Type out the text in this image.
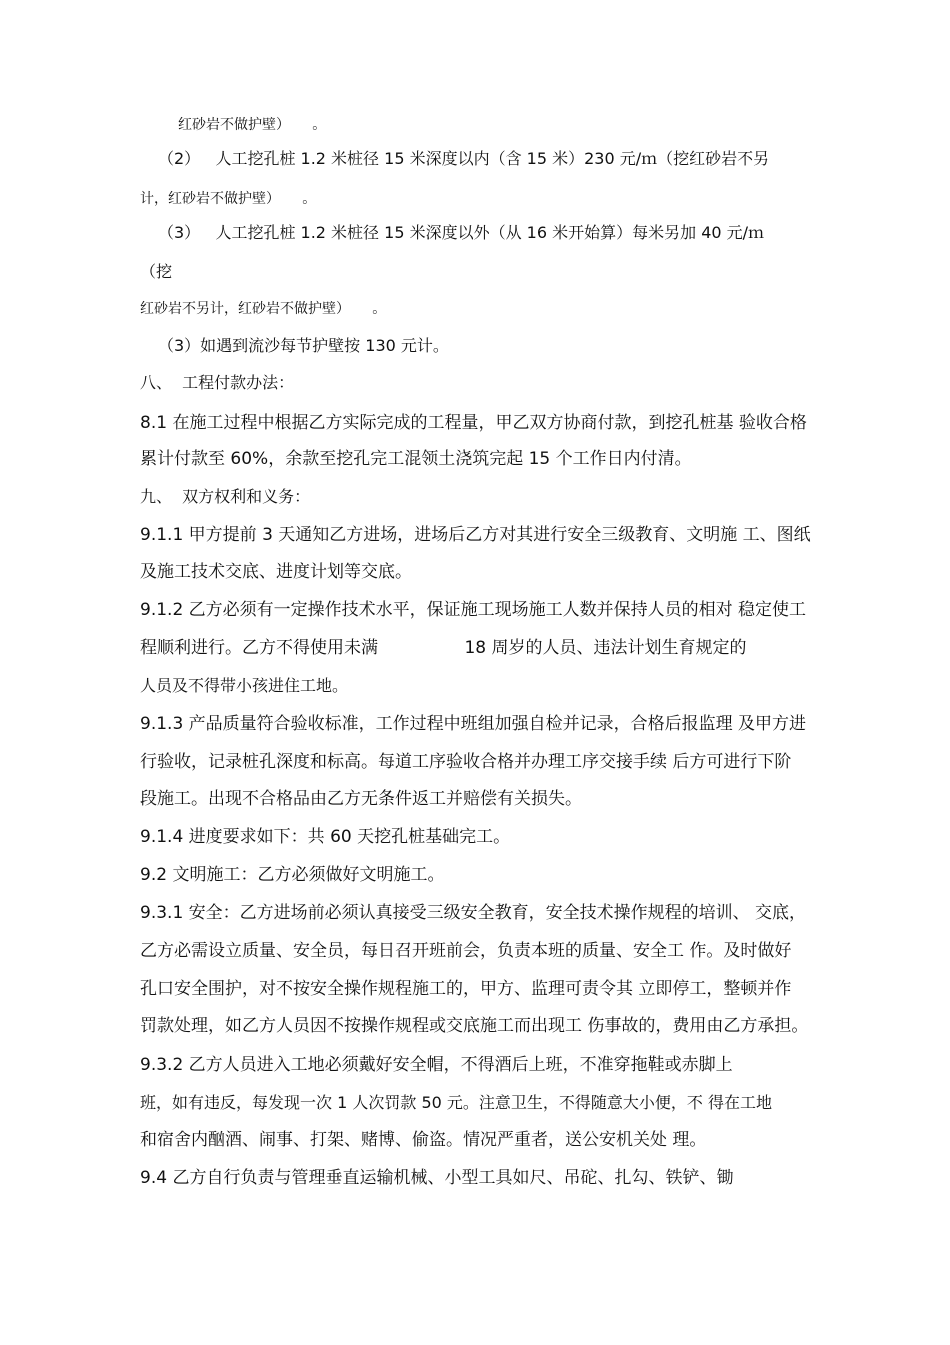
红砂岩不做护壁）     。
（2）   人工挖孔桩 1.2 米桩径 15 米深度以内（含 15 米）230 元/ｍ（挖红砂岩不另
计，红砂岩不做护壁）     。
（3）   人工挖孔桩 1.2 米桩径 15 米深度以外（从 16 米开始算）每米另加 40 元/ｍ
（挖
红砂岩不另计，红砂岩不做护壁）     。
（3）如遇到流沙每节护壁按 130 元计。
八、  工程付款办法：
8.1 在施工过程中根据乙方实际完成的工程量，甲乙双方协商付款，到挖孔桩基 验收合格
累计付款至 60%，余款至挖孔完工混领土浇筑完起 15 个工作日内付清。
九、  双方权利和义务：
9.1.1 甲方提前 3 天通知乙方进场，进场后乙方对其进行安全三级教育、文明施 工、图纸
及施工技术交底、进度计划等交底。
9.1.2 乙方必须有一定操作技术水平，保证施工现场施工人数并保持人员的相对 稳定使工
程顺利进行。乙方不得使用未满                18 周岁的人员、违法计划生育规定的
人员及不得带小孩进住工地。
9.1.3 产品质量符合验收标准，工作过程中班组加强自检并记录，合格后报监理 及甲方进
行验收，记录桩孔深度和标高。每道工序验收合格并办理工序交接手续 后方可进行下阶
段施工。出现不合格品由乙方无条件返工并赔偿有关损失。
9.1.4 进度要求如下：共 60 天挖孔桩基础完工。
9.2 文明施工：乙方必须做好文明施工。
9.3.1 安全：乙方进场前必须认真接受三级安全教育，安全技术操作规程的培训、 交底，
乙方必需设立质量、安全员，每日召开班前会，负责本班的质量、安全工 作。及时做好
孔口安全围护，对不按安全操作规程施工的，甲方、监理可责令其 立即停工，整顿并作
罚款处理，如乙方人员因不按操作规程或交底施工而出现工 伤事故的，费用由乙方承担。
9.3.2 乙方人员进入工地必须戴好安全帽，不得酒后上班，不准穿拖鞋或赤脚上
班，如有违反，每发现一次 1 人次罚款 50 元。注意卫生，不得随意大小便，不 得在工地
和宿舍内酗酒、闹事、打架、赌博、偷盗。情况严重者，送公安机关处 理。
9.4 乙方自行负责与管理垂直运输机械、小型工具如尺、吊砣、扎勾、铁铲、锄
